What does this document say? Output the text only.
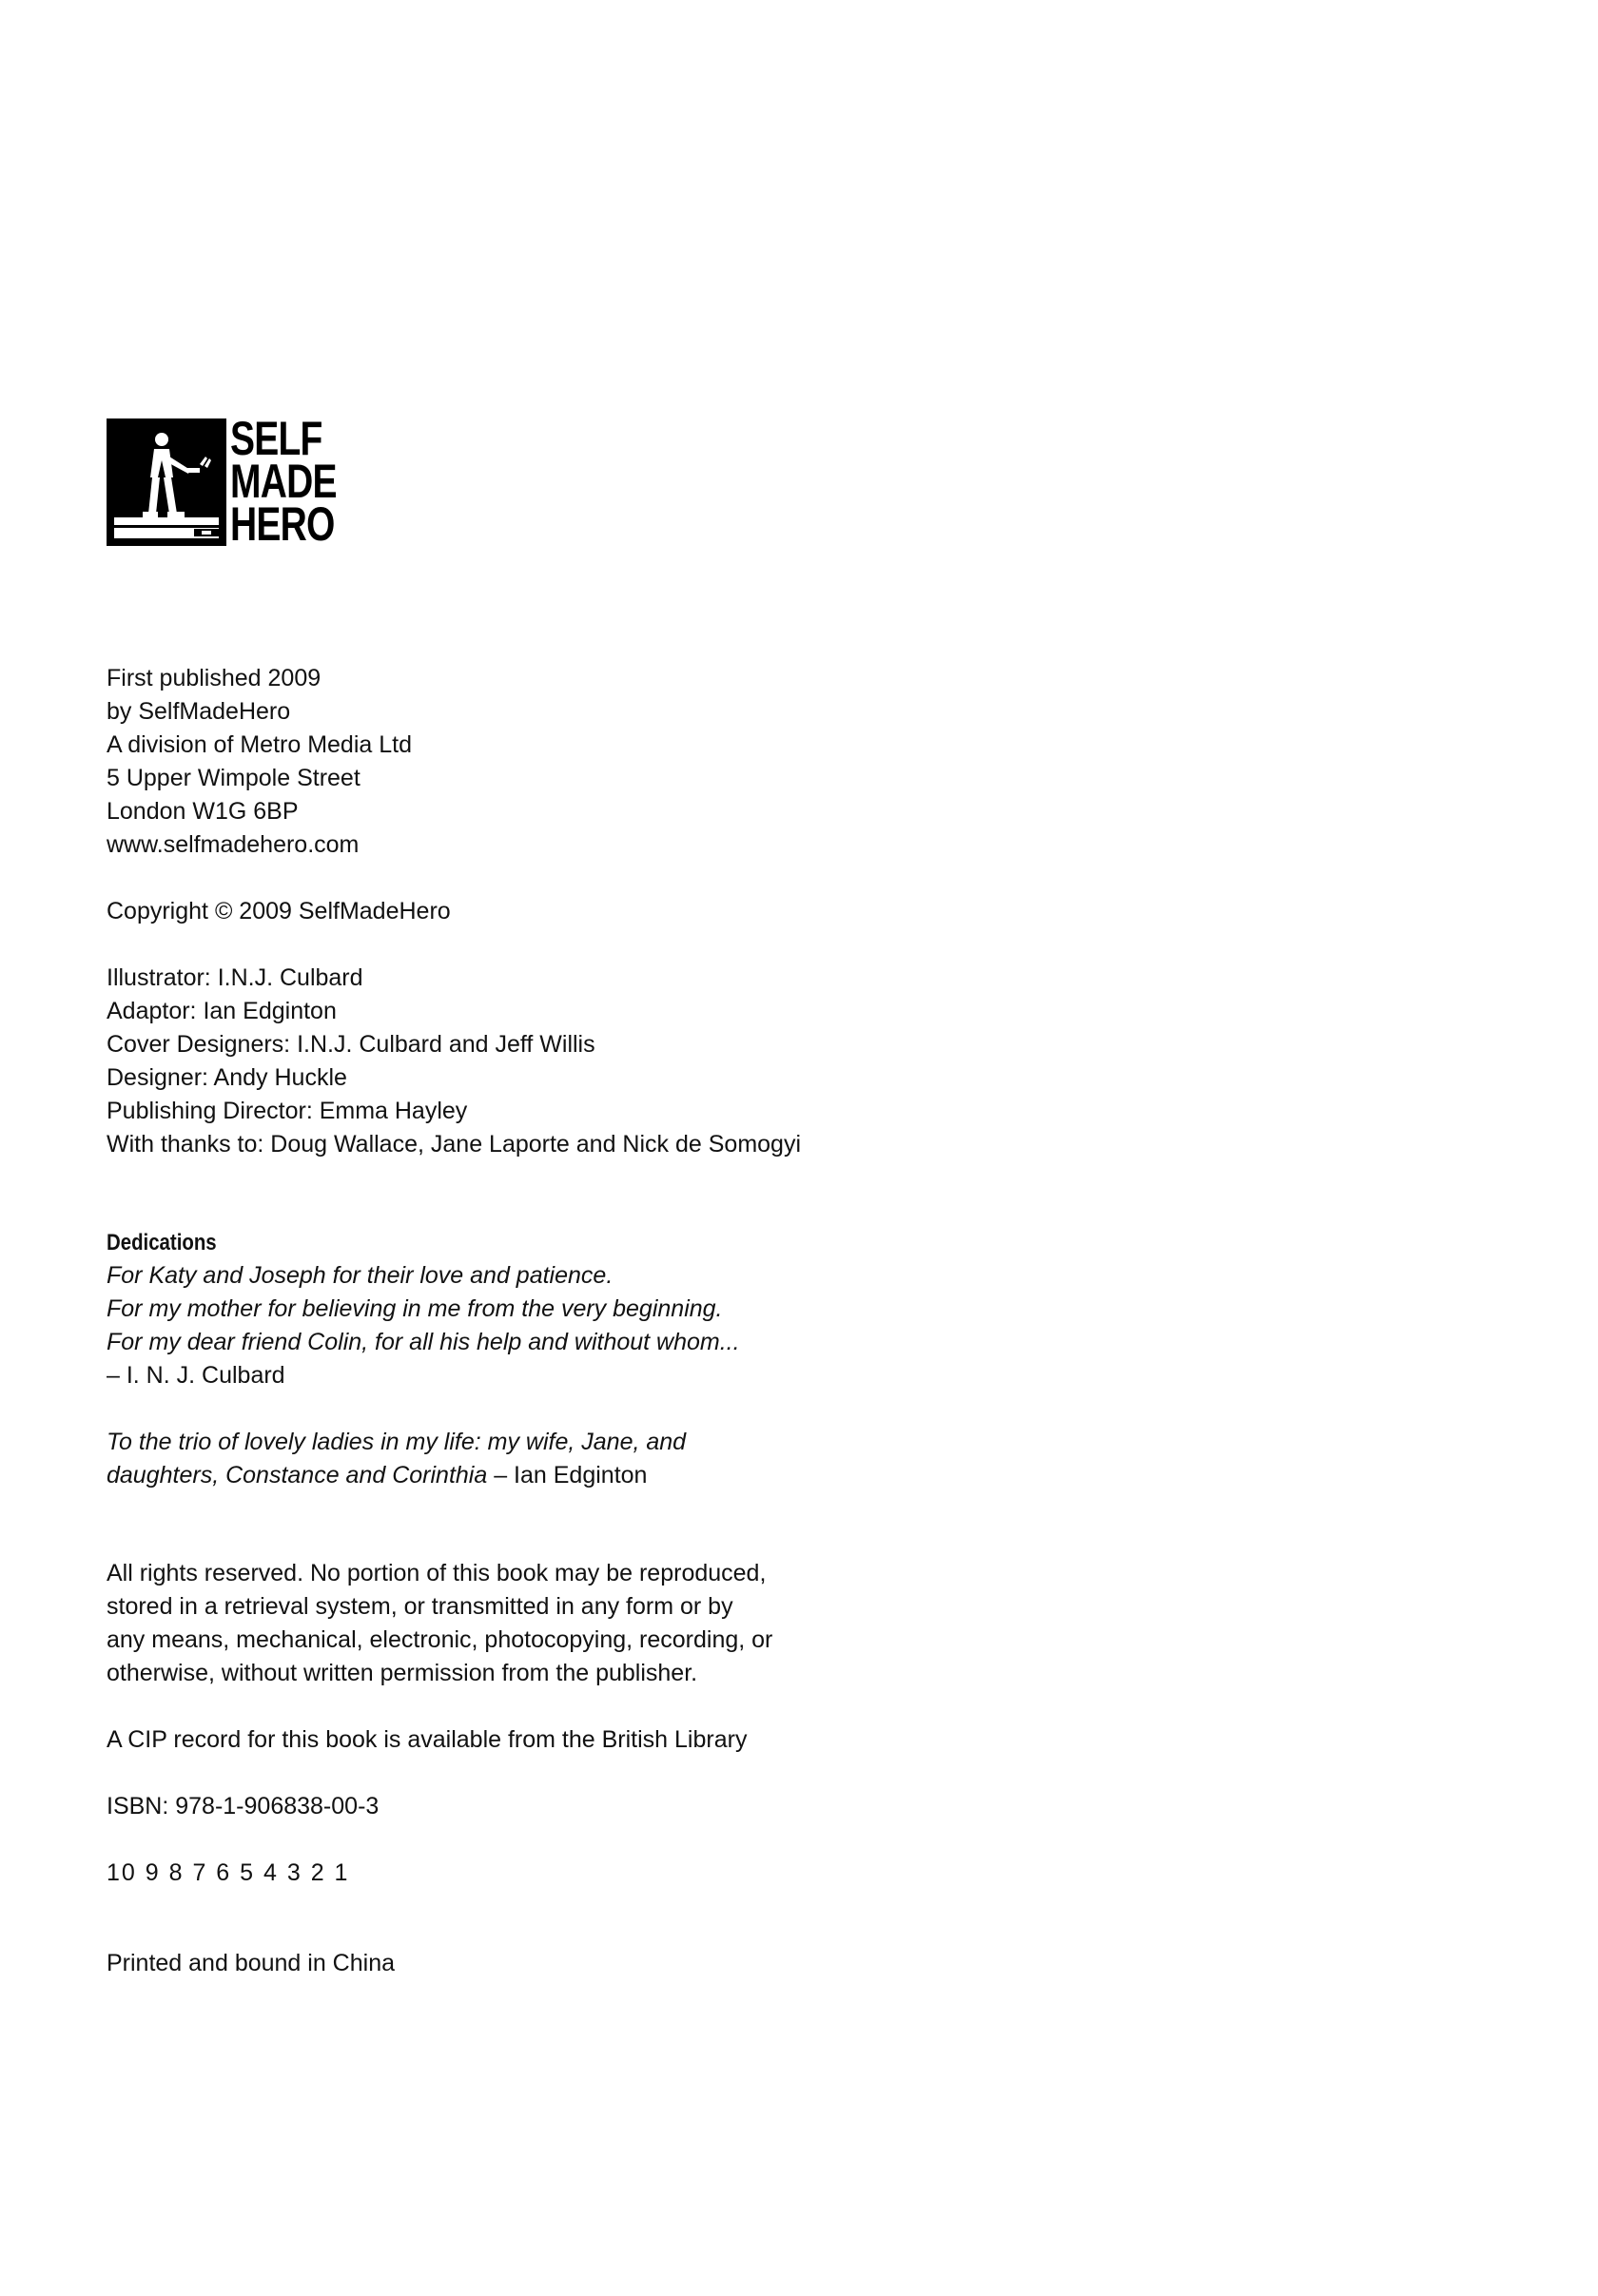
SELF
MADE
HERO

First published 2009

by SelfMadeHero

A division of Metro Media Ltd

5 Upper Wimpole Street

London W1G 6BP

www.selfmadehero.com

Copyright © 2009 SelfMadeHero

Illustrator: I.N.J. Culbard

Adaptor: Ian Edginton

Cover Designers: I.N.J. Culbard and Jeff Willis

Designer: Andy Huckle

Publishing Director: Emma Hayley

With thanks to: Doug Wallace, Jane Laporte and Nick de Somogyi

Dedications

For Katy and Joseph for their love and patience.

For my mother for believing in me from the very beginning.

For my dear friend Colin, for all his help and without whom...

– I. N. J. Culbard

To the trio of lovely ladies in my life: my wife, Jane, and

daughters, Constance and Corinthia – Ian Edginton

All rights reserved. No portion of this book may be reproduced,

stored in a retrieval system, or transmitted in any form or by

any means, mechanical, electronic, photocopying, recording, or

otherwise, without written permission from the publisher.

A CIP record for this book is available from the British Library

ISBN: 978-1-906838-00-3

10 9 8 7 6 5 4 3 2 1

Printed and bound in China
